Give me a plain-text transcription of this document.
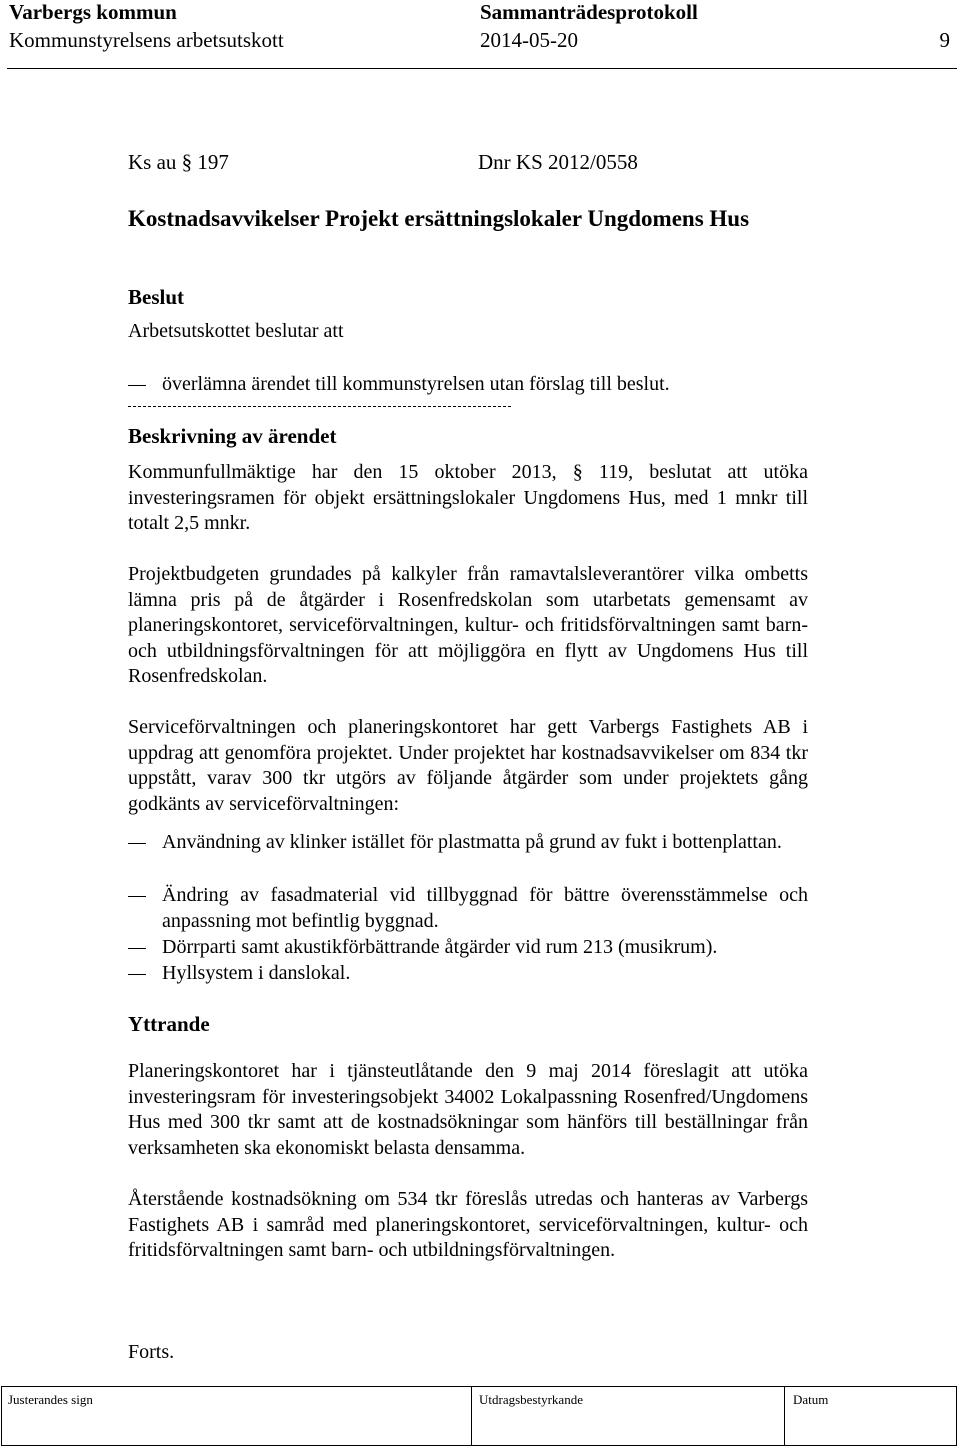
Varbergs kommun	Sammanträdesprotokoll
Kommunstyrelsens arbetsutskott	2014-05-20	9
Ks au § 197	Dnr KS 2012/0558
Kostnadsavvikelser Projekt ersättningslokaler Ungdomens Hus
Beslut
Arbetsutskottet beslutar att
överlämna ärendet till kommunstyrelsen utan förslag till beslut.
Beskrivning av ärendet
Kommunfullmäktige har den 15 oktober 2013, § 119, beslutat att utöka investeringsramen för objekt ersättningslokaler Ungdomens Hus, med 1 mnkr till totalt 2,5 mnkr.
Projektbudgeten grundades på kalkyler från ramavtalsleverantörer vilka ombetts lämna pris på de åtgärder i Rosenfredskolan som utarbetats gemensamt av planeringskontoret, serviceförvaltningen, kultur- och fritidsförvaltningen samt barn- och utbildningsförvaltningen för att möjliggöra en flytt av Ungdomens Hus till Rosenfredskolan.
Serviceförvaltningen och planeringskontoret har gett Varbergs Fastighets AB i uppdrag att genomföra projektet. Under projektet har kostnadsavvikelser om 834 tkr uppstått, varav 300 tkr utgörs av följande åtgärder som under projektets gång godkänts av serviceförvaltningen:
Användning av klinker istället för plastmatta på grund av fukt i bottenplattan.
Ändring av fasadmaterial vid tillbyggnad för bättre överensstämmelse och anpassning mot befintlig byggnad.
Dörrparti samt akustikförbättrande åtgärder vid rum 213 (musikrum).
Hyllsystem i danslokal.
Yttrande
Planeringskontoret har i tjänsteutlåtande den 9 maj 2014 föreslagit att utöka investeringsram för investeringsobjekt 34002 Lokalpassning Rosenfred/Ungdomens Hus med 300 tkr samt att de kostnadsökningar som hänförs till beställningar från verksamheten ska ekonomiskt belasta densamma.
Återstående kostnadsökning om 534 tkr föreslås utredas och hanteras av Varbergs Fastighets AB i samråd med planeringskontoret, serviceförvaltningen, kultur- och fritidsförvaltningen samt barn- och utbildningsförvaltningen.
Forts.
Justerandes sign	Utdragsbestyrkande	Datum
